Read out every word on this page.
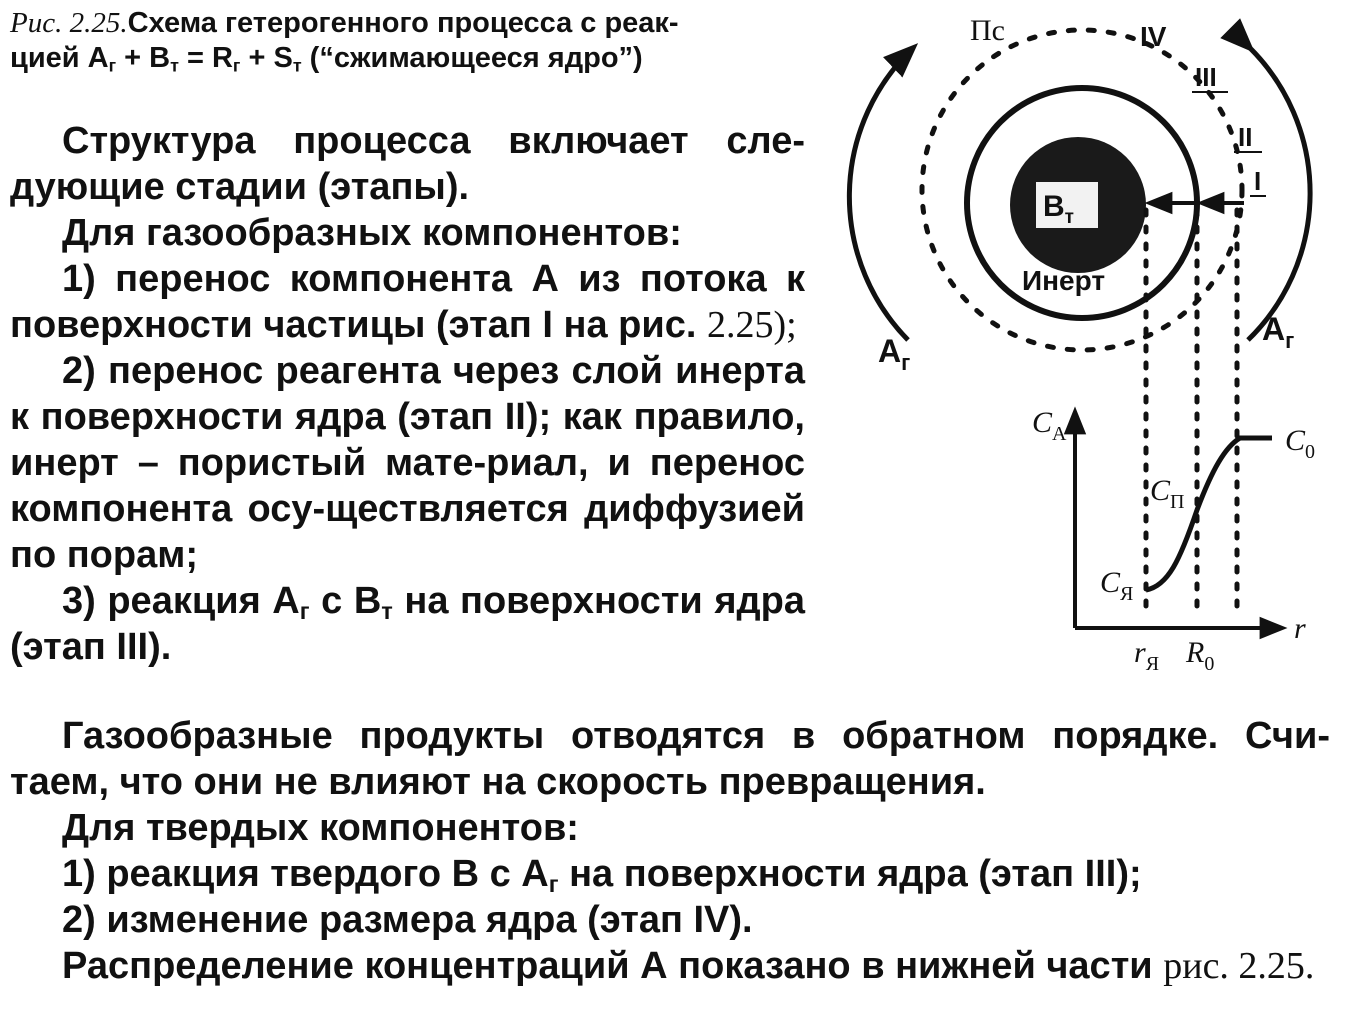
Рис. 2.25.Схема гетерогенного процесса с реак-
цией $A_г + B_т = R_г + S_т$ (“сжимающееся ядро”)

Структура процесса включает сле-дующие стадии (этапы).

Для газообразных компонентов:

1) перенос компонента А из потока к поверхности частицы (этап I на рис. 2.25);

2) перенос реагента через слой инерта к поверхности ядра (этап II); как правило, инерт – пористый мате-риал, и перенос компонента осу-ществляется диффузией по порам;

3) реакция $A_г$ с $B_т$ на поверхности ядра (этап III).

Газообразные продукты отводятся в обратном порядке. Счи-таем, что они не влияют на скорость превращения.

Для твердых компонентов:

1) реакция твердого В с $A_г$ на поверхности ядра (этап III);

2) изменение размера ядра (этап IV).

Распределение концентраций А показано в нижней части рис. 2.25.

$B_т$
Инерт
$A_г$
$A_г$
Пс	IV
III
II
I
$C_A$	$C_0$
$C_П$
$C_Я$
r
$r_Я$ $R_0$
